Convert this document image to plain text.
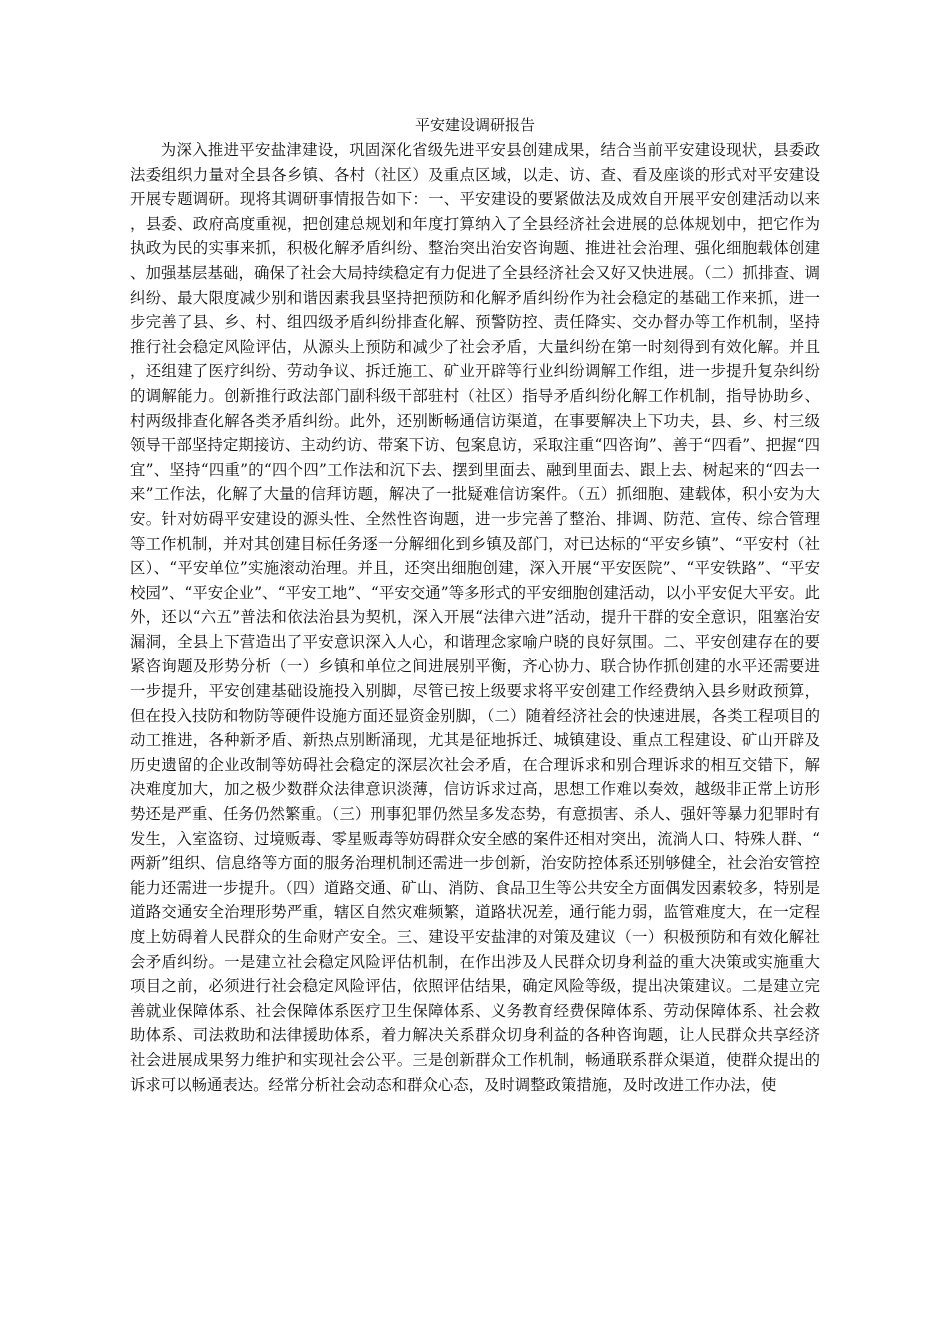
平安建设调研报告

为深入推进平安盐津建设，巩固深化省级先进平安县创建成果，结合当前平安建设现状，县委政法委组织力量对全县各乡镇、各村（社区）及重点区域，以走、访、查、看及座谈的形式对平安建设开展专题调研。现将其调研事情报告如下：一、平安建设的要紧做法及成效自开展平安创建活动以来，县委、政府高度重视，把创建总规划和年度打算纳入了全县经济社会进展的总体规划中，把它作为执政为民的实事来抓，积极化解矛盾纠纷、整治突出治安咨询题、推进社会治理、强化细胞载体创建、加强基层基础，确保了社会大局持续稳定有力促进了全县经济社会又好又快进展。（二）抓排查、调纠纷、最大限度减少别和谐因素我县坚持把预防和化解矛盾纠纷作为社会稳定的基础工作来抓，进一步完善了县、乡、村、组四级矛盾纠纷排查化解、预警防控、责任降实、交办督办等工作机制，坚持推行社会稳定风险评估，从源头上预防和减少了社会矛盾，大量纠纷在第一时刻得到有效化解。并且，还组建了医疗纠纷、劳动争议、拆迁施工、矿业开辟等行业纠纷调解工作组，进一步提升复杂纠纷的调解能力。创新推行政法部门副科级干部驻村（社区）指导矛盾纠纷化解工作机制，指导协助乡、村两级排查化解各类矛盾纠纷。此外，还别断畅通信访渠道，在事要解决上下功夫，县、乡、村三级领导干部坚持定期接访、主动约访、带案下访、包案息访，采取注重“四咨询”、善于“四看”、把握“四宜”、坚持“四重”的“四个四”工作法和沉下去、摆到里面去、融到里面去、跟上去、树起来的“四去一来”工作法，化解了大量的信拜访题，解决了一批疑难信访案件。（五）抓细胞、建载体，积小安为大安。针对妨碍平安建设的源头性、全然性咨询题，进一步完善了整治、排调、防范、宣传、综合管理等工作机制，并对其创建目标任务逐一分解细化到乡镇及部门，对已达标的“平安乡镇”、“平安村（社区）、“平安单位”实施滚动治理。并且，还突出细胞创建，深入开展“平安医院”、“平安铁路”、“平安校园”、“平安企业”、“平安工地”、“平安交通”等多形式的平安细胞创建活动，以小平安促大平安。此外，还以“六五”普法和依法治县为契机，深入开展“法律六进”活动，提升干群的安全意识，阻塞治安漏洞，全县上下营造出了平安意识深入人心，和谐理念家喻户晓的良好氛围。二、平安创建存在的要紧咨询题及形势分析（一）乡镇和单位之间进展别平衡，齐心协力、联合协作抓创建的水平还需要进一步提升，平安创建基础设施投入别脚，尽管已按上级要求将平安创建工作经费纳入县乡财政预算，但在投入技防和物防等硬件设施方面还显资金别脚，（二）随着经济社会的快速进展，各类工程项目的动工推进，各种新矛盾、新热点别断涌现，尤其是征地拆迁、城镇建设、重点工程建设、矿山开辟及历史遗留的企业改制等妨碍社会稳定的深层次社会矛盾，在合理诉求和别合理诉求的相互交错下，解决难度加大，加之极少数群众法律意识淡薄，信访诉求过高，思想工作难以奏效，越级非正常上访形势还是严重、任务仍然繁重。（三）刑事犯罪仍然呈多发态势，有意损害、杀人、强奸等暴力犯罪时有发生，入室盗窃、过境贩毒、零星贩毒等妨碍群众安全感的案件还相对突出，流淌人口、特殊人群、“两新”组织、信息络等方面的服务治理机制还需进一步创新，治安防控体系还别够健全，社会治安管控能力还需进一步提升。（四）道路交通、矿山、消防、食品卫生等公共安全方面偶发因素较多，特别是道路交通安全治理形势严重，辖区自然灾难频繁，道路状况差，通行能力弱，监管难度大，在一定程度上妨碍着人民群众的生命财产安全。三、建设平安盐津的对策及建议（一）积极预防和有效化解社会矛盾纠纷。一是建立社会稳定风险评估机制，在作出涉及人民群众切身利益的重大决策或实施重大项目之前，必须进行社会稳定风险评估，依照评估结果，确定风险等级，提出决策建议。二是建立完善就业保障体系、社会保障体系医疗卫生保障体系、义务教育经费保障体系、劳动保障体系、社会救助体系、司法救助和法律援助体系，着力解决关系群众切身利益的各种咨询题，让人民群众共享经济社会进展成果努力维护和实现社会公平。三是创新群众工作机制，畅通联系群众渠道，使群众提出的诉求可以畅通表达。经常分析社会动态和群众心态，及时调整政策措施，及时改进工作办法，使
